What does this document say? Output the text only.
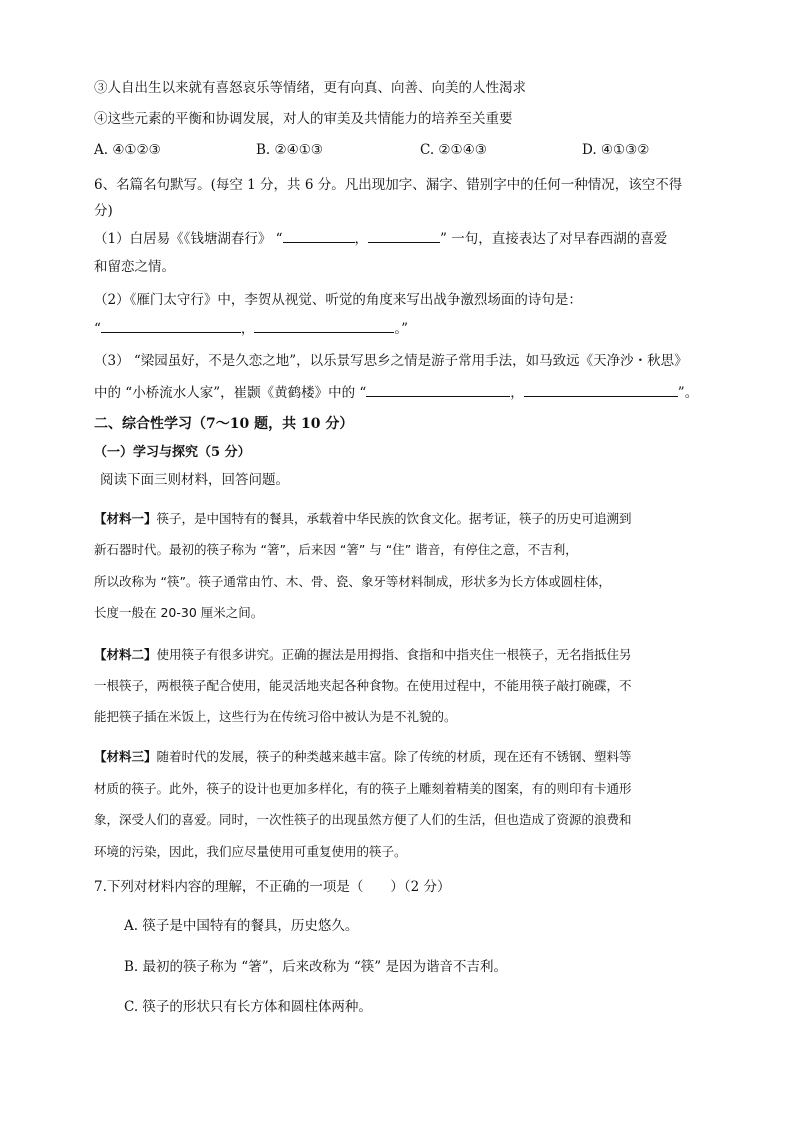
③人自出生以来就有喜怒哀乐等情绪，更有向真、向善、向美的人性渴求
④这些元素的平衡和协调发展，对人的审美及共情能力的培养至关重要
A. ④①②③	B. ②④①③	C. ②①④③	D. ④①③②
6、名篇名句默写。(每空 1 分，共 6 分。凡出现加字、漏字、错别字中的任何一种情况，该空不得
分)
（1）白居易《《钱塘湖春行》 “	，	” 一句，直接表达了对早春西湖的喜爱
和留恋之情。
（2）《雁门太守行》中，李贺从视觉、听觉的角度来写出战争激烈场面的诗句是：
“	，	。”
（3） “梁园虽好，不是久恋之地”，以乐景写思乡之情是游子常用手法，如马致远《天净沙・秋思》
中的 “小桥流水人家”，崔颢《黄鹤楼》中的 “	，	”。
二、综合性学习（7～10 题，共 10 分）
（一）学习与探究（5 分）
阅读下面三则材料，回答问题。
【材料一】筷子，是中国特有的餐具，承载着中华民族的饮食文化。据考证，筷子的历史可追溯到
新石器时代。最初的筷子称为 “箸”，后来因 “箸” 与 “住” 谐音，有停住之意，不吉利，
所以改称为 “筷”。筷子通常由竹、木、骨、瓷、象牙等材料制成，形状多为长方体或圆柱体，
长度一般在 20-30 厘米之间。
【材料二】使用筷子有很多讲究。正确的握法是用拇指、食指和中指夹住一根筷子，无名指抵住另
一根筷子，两根筷子配合使用，能灵活地夹起各种食物。在使用过程中，不能用筷子敲打碗碟，不
能把筷子插在米饭上，这些行为在传统习俗中被认为是不礼貌的。
【材料三】随着时代的发展，筷子的种类越来越丰富。除了传统的材质，现在还有不锈钢、塑料等
材质的筷子。此外，筷子的设计也更加多样化，有的筷子上雕刻着精美的图案，有的则印有卡通形
象，深受人们的喜爱。同时，一次性筷子的出现虽然方便了人们的生活，但也造成了资源的浪费和
环境的污染，因此，我们应尽量使用可重复使用的筷子。
7.下列对材料内容的理解，不正确的一项是（　　）（2 分）
A. 筷子是中国特有的餐具，历史悠久。
B. 最初的筷子称为 “箸”，后来改称为 “筷” 是因为谐音不吉利。
C. 筷子的形状只有长方体和圆柱体两种。
